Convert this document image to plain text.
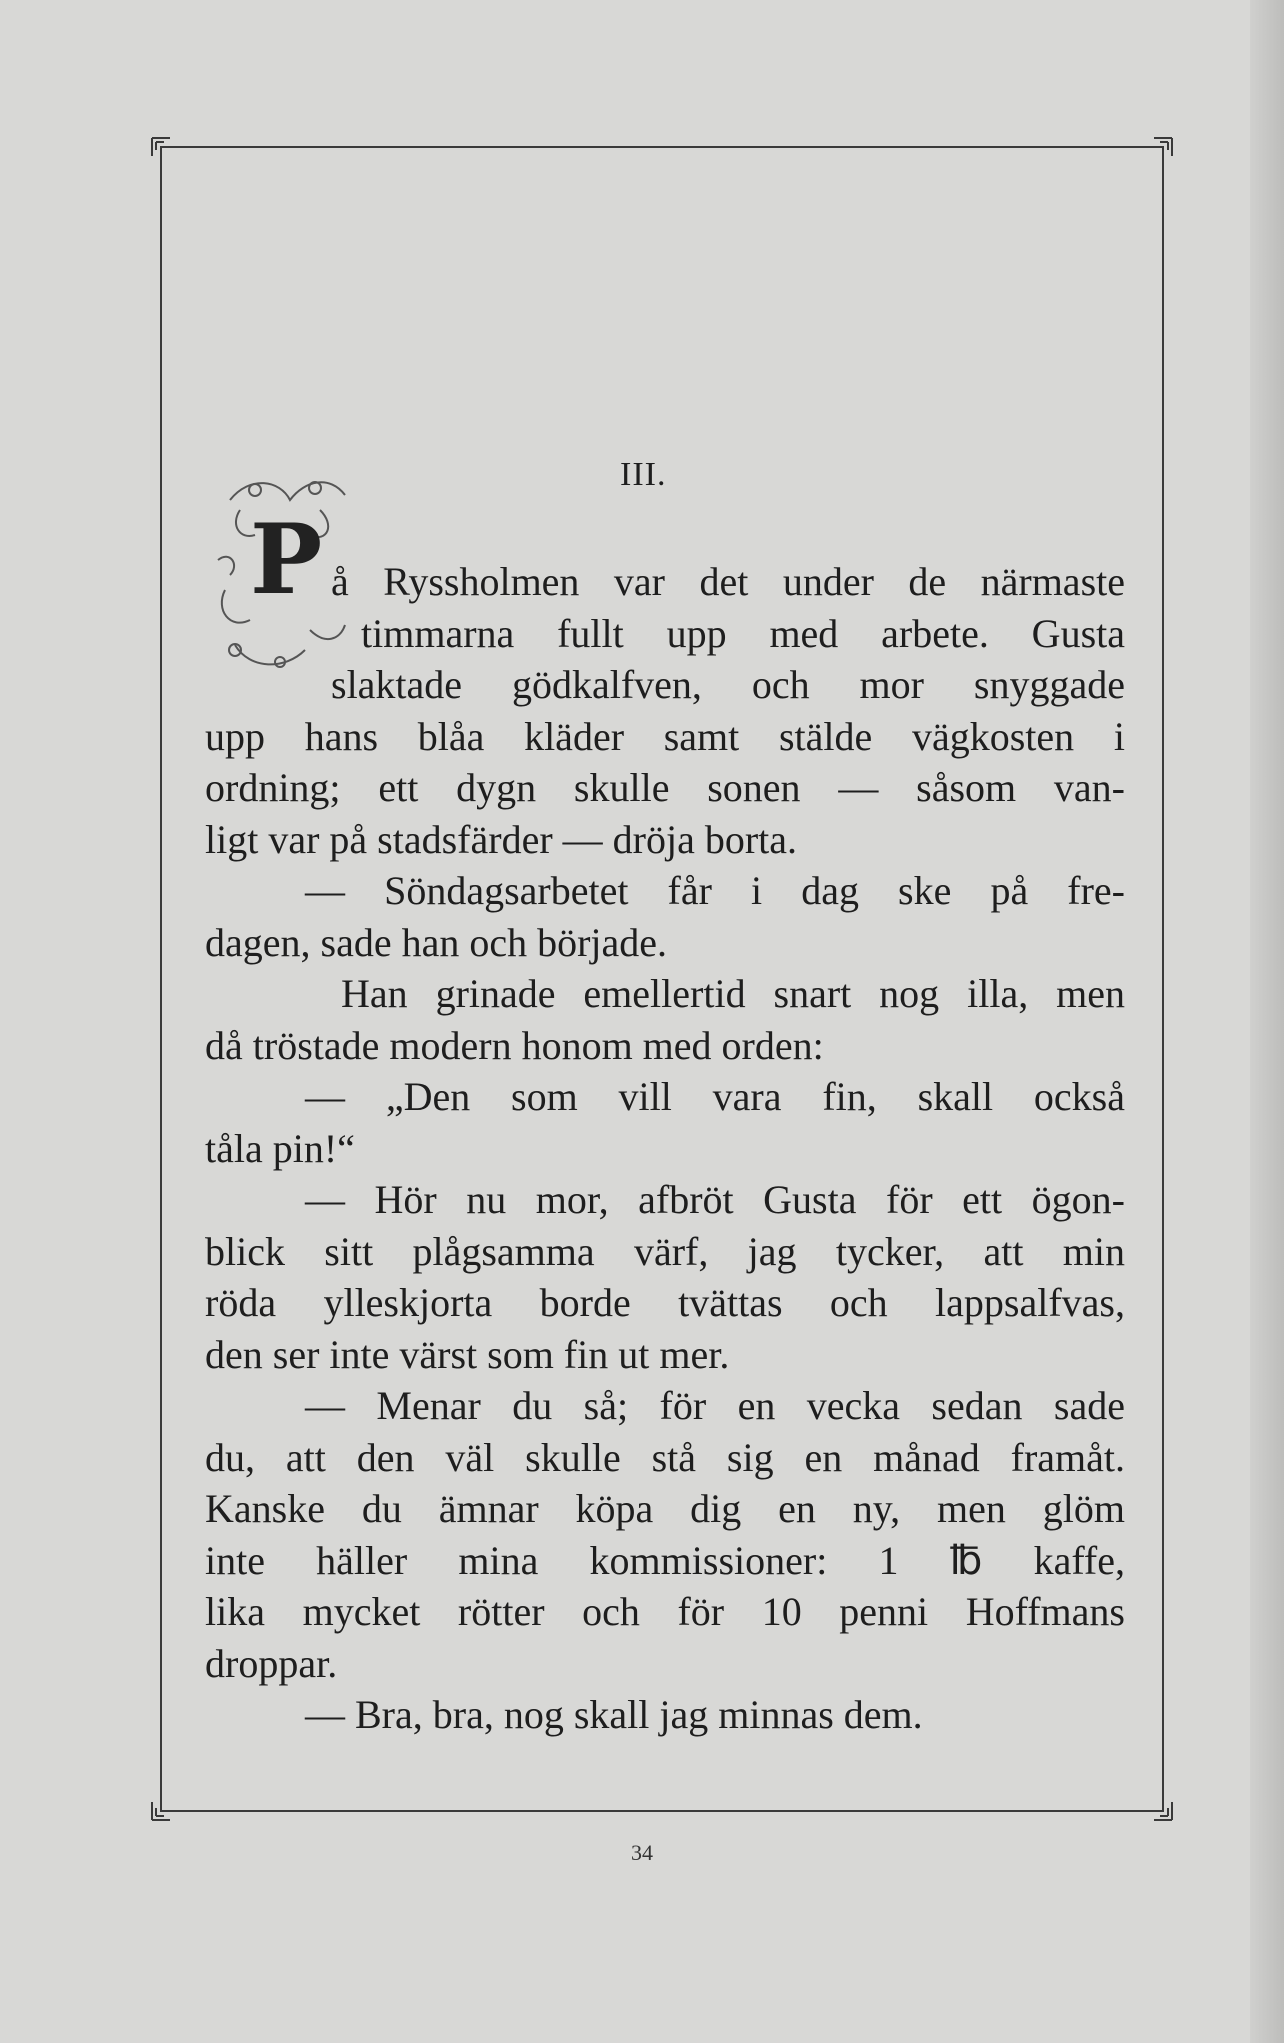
III.
P å Ryssholmen var det under de närmaste
timmarna fullt upp med arbete. Gusta
slaktade gödkalfven, och mor snyggade
upp hans blåa kläder samt stälde vägkosten i
ordning; ett dygn skulle sonen — såsom van-
ligt var på stadsfärder — dröja borta.
— Söndagsarbetet får i dag ske på fre-
dagen, sade han och började.
Han grinade emellertid snart nog illa, men
då tröstade modern honom med orden:
— „Den som vill vara fin, skall också
tåla pin!“
— Hör nu mor, afbröt Gusta för ett ögon-
blick sitt plågsamma värf, jag tycker, att min
röda ylleskjorta borde tvättas och lappsalfvas,
den ser inte värst som fin ut mer.
— Menar du så; för en vecka sedan sade
du, att den väl skulle stå sig en månad framåt.
Kanske du ämnar köpa dig en ny, men glöm
inte häller mina kommissioner: 1 ℔ kaffe,
lika mycket rötter och för 10 penni Hoffmans
droppar.
— Bra, bra, nog skall jag minnas dem.
34
